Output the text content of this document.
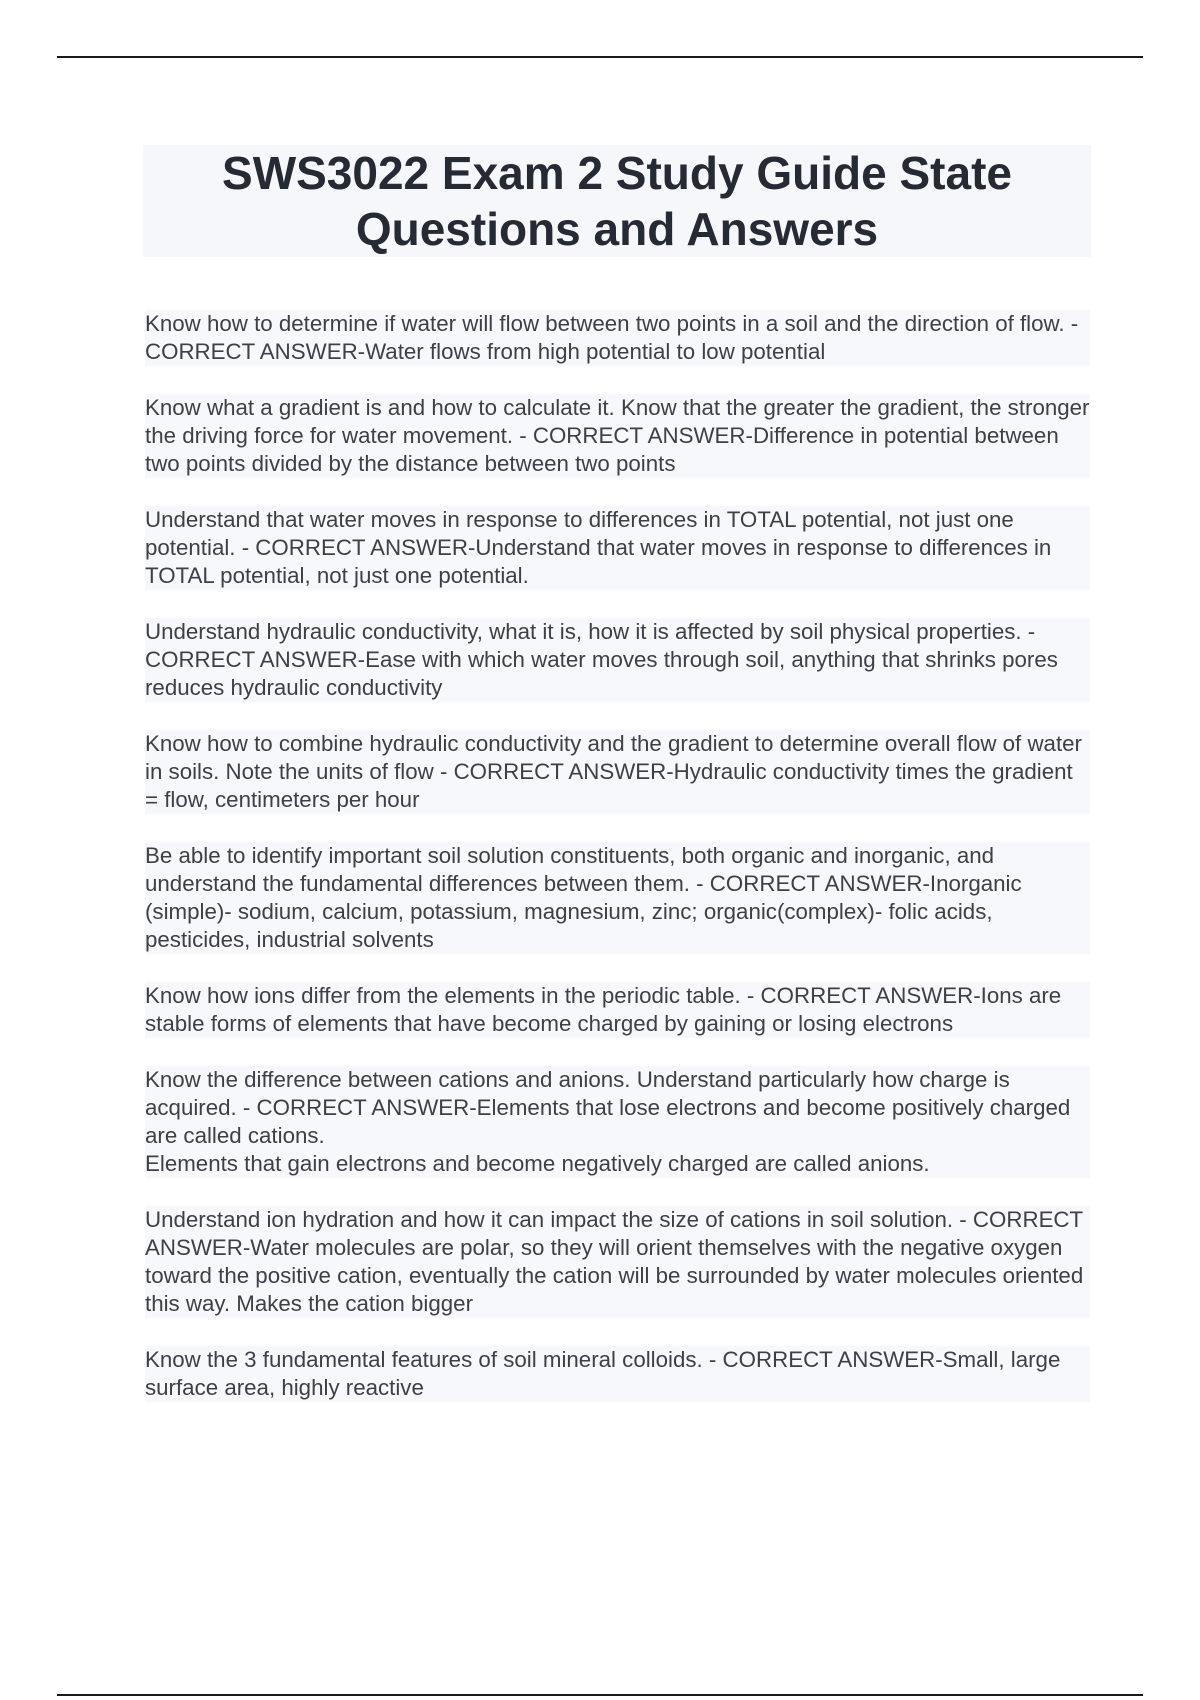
SWS3022 Exam 2 Study Guide State
Questions and Answers

Know how to determine if water will flow between two points in a soil and the direction of flow. - CORRECT ANSWER-Water flows from high potential to low potential

Know what a gradient is and how to calculate it. Know that the greater the gradient, the stronger the driving force for water movement. - CORRECT ANSWER-Difference in potential between two points divided by the distance between two points

Understand that water moves in response to differences in TOTAL potential, not just one potential. - CORRECT ANSWER-Understand that water moves in response to differences in TOTAL potential, not just one potential.

Understand hydraulic conductivity, what it is, how it is affected by soil physical properties. - CORRECT ANSWER-Ease with which water moves through soil, anything that shrinks pores reduces hydraulic conductivity

Know how to combine hydraulic conductivity and the gradient to determine overall flow of water in soils. Note the units of flow - CORRECT ANSWER-Hydraulic conductivity times the gradient = flow, centimeters per hour

Be able to identify important soil solution constituents, both organic and inorganic, and understand the fundamental differences between them. - CORRECT ANSWER-Inorganic (simple)- sodium, calcium, potassium, magnesium, zinc; organic(complex)- folic acids, pesticides, industrial solvents

Know how ions differ from the elements in the periodic table. - CORRECT ANSWER-Ions are stable forms of elements that have become charged by gaining or losing electrons

Know the difference between cations and anions. Understand particularly how charge is acquired. - CORRECT ANSWER-Elements that lose electrons and become positively charged are called cations.
Elements that gain electrons and become negatively charged are called anions.

Understand ion hydration and how it can impact the size of cations in soil solution. - CORRECT ANSWER-Water molecules are polar, so they will orient themselves with the negative oxygen toward the positive cation, eventually the cation will be surrounded by water molecules oriented this way. Makes the cation bigger

Know the 3 fundamental features of soil mineral colloids. - CORRECT ANSWER-Small, large surface area, highly reactive
